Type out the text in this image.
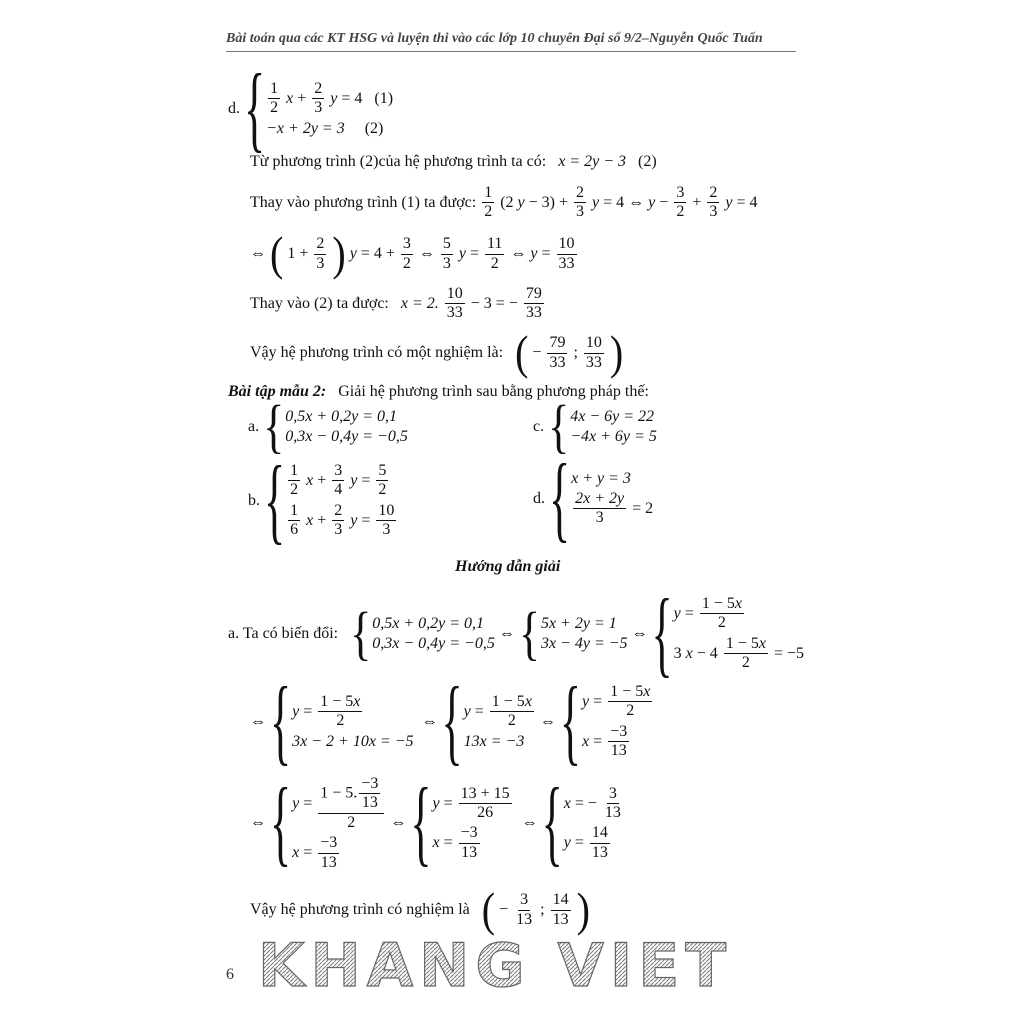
Bài toán qua các KT HSG và luyện thi vào các lớp 10 chuyên Đại số 9/2–Nguyễn Quốc Tuấn
d. { 1
2
x +
2
3
y = 4 (1)
−x + 2y = 3
(2)
Từ phương trình (2)của hệ phương trình ta có:
x = 2y − 3
(2)
Thay vào phương trình (1) ta được:
1
2
(2 y − 3) +
2
3
y = 4 ⇔ y −
3
2
+
2
3
y = 4
⇔ ( 1 +
2
3 ) y = 4 +
3
2
⇔
5
3
y =
11
2
⇔ y =
10
33
Thay vào (2) ta được:
x = 2.
10
33
− 3 = − $\frac{79}{33}$
Vậy hệ phương trình có một nghiệm là:
( −
79
33
;
10
33 )
Bài tập mẫu 2:
Giải hệ phương trình sau bằng phương pháp thế:
a. { 0,5x + 0,2y = 0,1
0,3x − 0,4y = −0,5
c. { 4x − 6y = 22
−4x + 6y = 5
b. { 1
2
x +
3
4
y =
5
2
1
6
x +
2
3
y =
10
3
d. { x + y = 3
2x + 2y
3
= 2
Hướng dẫn giải
a. Ta có biến đổi:
{ 0,5x + 0,2y = 0,1
0,3x − 0,4y = −0,5
⇔ { 5x + 2y = 1
3x − 4y = −5
⇔ { y =
1 − 5x
2
3 x − 4
1 − 5x
2
= −5
⇔ { y =
1 − 5x
2
3x − 2 + 10x = −5
⇔ { y =
1 − 5x
2
13x = −3
⇔ { y =
1 − 5x
2
x =
−3
13
⇔ { y =
1 − 5. $\frac{-3}{13}$
2
x =
−3
13
⇔ { y =
13 + 15
26
x =
−3
13
⇔ { x = −
3
13
y =
14
13
Vậy hệ phương trình có nghiệm là
( −
3
13
;
14
13 )
6 KHANG VIET
